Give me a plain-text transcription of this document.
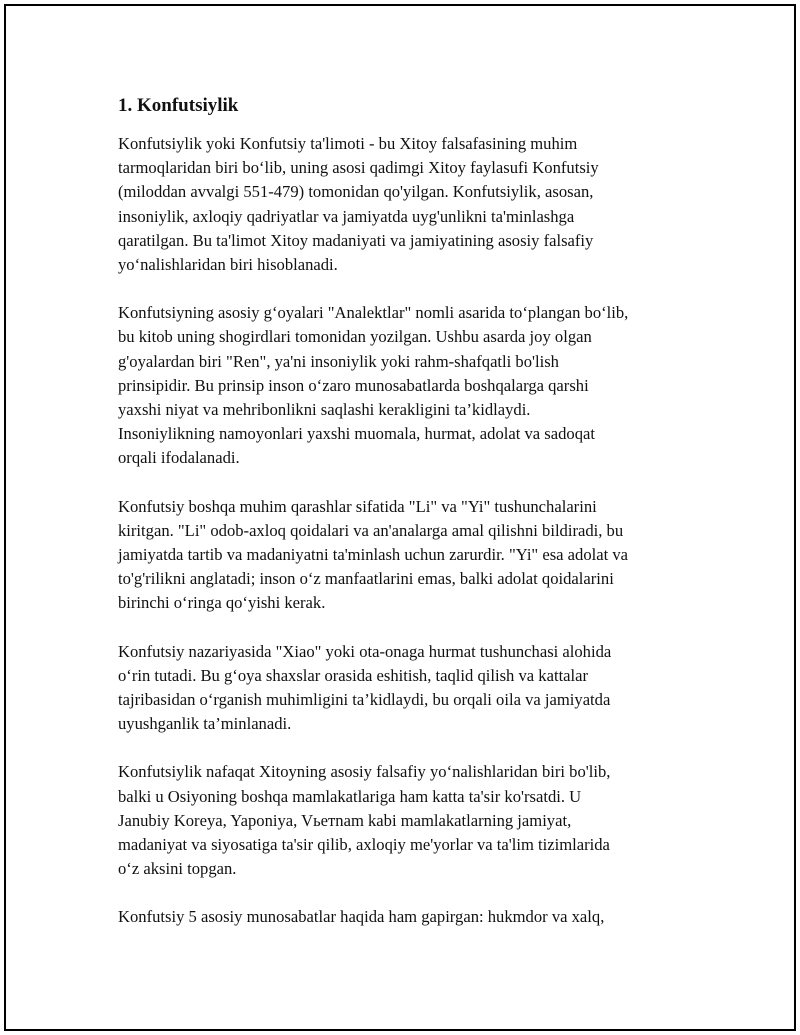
1. Konfutsiylik
Konfutsiylik yoki Konfutsiy ta'limoti - bu Xitoy falsafasining muhim
tarmoqlaridan biri bo‘lib, uning asosi qadimgi Xitoy faylasufi Konfutsiy
(miloddan avvalgi 551-479) tomonidan qo'yilgan. Konfutsiylik, asosan,
insoniylik, axloqiy qadriyatlar va jamiyatda uyg'unlikni ta'minlashga
qaratilgan. Bu ta'limot Xitoy madaniyati va jamiyatining asosiy falsafiy
yo‘nalishlaridan biri hisoblanadi.
Konfutsiyning asosiy g‘oyalari "Analektlar" nomli asarida to‘plangan bo‘lib,
bu kitob uning shogirdlari tomonidan yozilgan. Ushbu asarda joy olgan
g'oyalardan biri "Ren", ya'ni insoniylik yoki rahm-shafqatli bo'lish
prinsipidir. Bu prinsip inson o‘zaro munosabatlarda boshqalarga qarshi
yaxshi niyat va mehribonlikni saqlashi kerakligini ta’kidlaydi.
Insoniylikning namoyonlari yaxshi muomala, hurmat, adolat va sadoqat
orqali ifodalanadi.
Konfutsiy boshqa muhim qarashlar sifatida "Li" va "Yi" tushunchalarini
kiritgan. "Li" odob-axloq qoidalari va an'analarga amal qilishni bildiradi, bu
jamiyatda tartib va madaniyatni ta'minlash uchun zarurdir. "Yi" esa adolat va
to'g'rilikni anglatadi; inson o‘z manfaatlarini emas, balki adolat qoidalarini
birinchi o‘ringa qo‘yishi kerak.
Konfutsiy nazariyasida "Xiao" yoki ota-onaga hurmat tushunchasi alohida
o‘rin tutadi. Bu g‘oya shaxslar orasida eshitish, taqlid qilish va kattalar
tajribasidan o‘rganish muhimligini ta’kidlaydi, bu orqali oila va jamiyatda
uyushganlik ta’minlanadi.
Konfutsiylik nafaqat Xitoyning asosiy falsafiy yo‘nalishlaridan biri bo'lib,
balki u Osiyoning boshqa mamlakatlariga ham katta ta'sir ko'rsatdi. U
Janubiy Koreya, Yaponiya, Vьетnam kabi mamlakatlarning jamiyat,
madaniyat va siyosatiga ta'sir qilib, axloqiy me'yorlar va ta'lim tizimlarida
o‘z aksini topgan.
Konfutsiy 5 asosiy munosabatlar haqida ham gapirgan: hukmdor va xalq,
